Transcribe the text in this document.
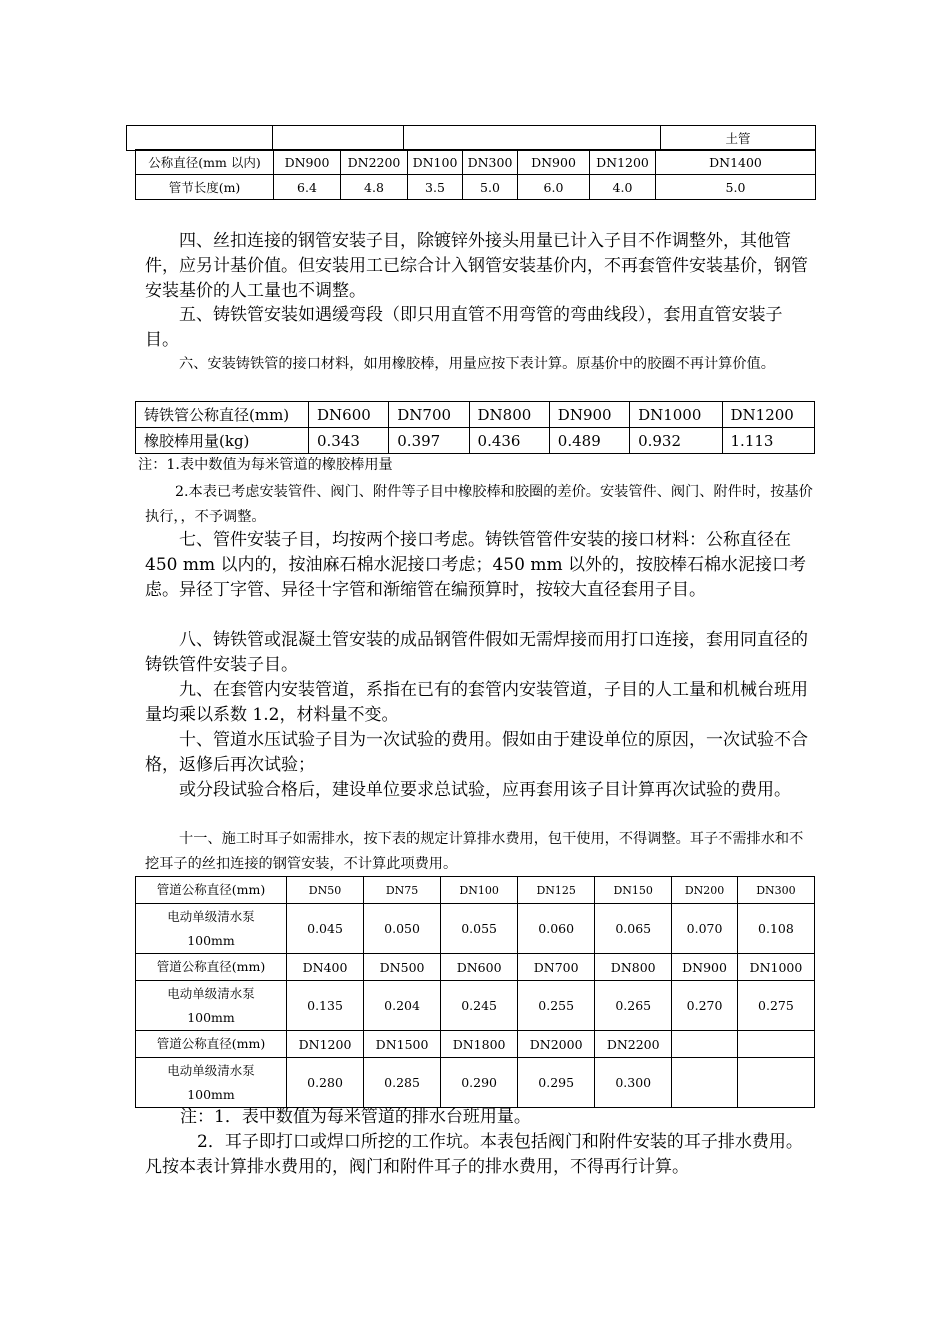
			土管
公称直径(mm 以内)	DN900	DN2200	DN100	DN300	DN900	DN1200	DN1400
管节长度(m)	6.4	4.8	3.5	5.0	6.0	4.0	5.0

四、丝扣连接的钢管安装子目，除镀锌外接头用量已计入子目不作调整外，其他管件，应另计基价值。但安装用工已综合计入钢管安装基价内，不再套管件安装基价，钢管安装基价的人工量也不调整。

五、铸铁管安装如遇缓弯段（即只用直管不用弯管的弯曲线段），套用直管安装子目。

六、安装铸铁管的接口材料，如用橡胶棒，用量应按下表计算。原基价中的胶圈不再计算价值。

铸铁管公称直径(mm)	DN600	DN700	DN800	DN900	DN1000	DN1200
橡胶棒用量(kg)	0.343	0.397	0.436	0.489	0.932	1.113

注：1.表中数值为每米管道的橡胶棒用量

2.本表已考虑安装管件、阀门、附件等子目中橡胶棒和胶圈的差价。安装管件、阀门、附件时，按基价执行，，不予调整。

七、管件安装子目，均按两个接口考虑。铸铁管管件安装的接口材料：公称直径在 450 mm 以内的，按油麻石棉水泥接口考虑；450 mm 以外的，按胶棒石棉水泥接口考虑。异径丁字管、异径十字管和渐缩管在编预算时，按较大直径套用子目。

八、铸铁管或混凝土管安装的成品钢管件假如无需焊接而用打口连接，套用同直径的铸铁管件安装子目。

九、在套管内安装管道，系指在已有的套管内安装管道，子目的人工量和机械台班用量均乘以系数 1.2，材料量不变。

十、管道水压试验子目为一次试验的费用。假如由于建设单位的原因，一次试验不合格，返修后再次试验；

或分段试验合格后，建设单位要求总试验，应再套用该子目计算再次试验的费用。

十一、施工时耳子如需排水，按下表的规定计算排水费用，包干使用，不得调整。耳子不需排水和不挖耳子的丝扣连接的钢管安装，不计算此项费用。

管道公称直径(mm)	DN50	DN75	DN100	DN125	DN150	DN200	DN300
电动单级清水泵100mm	0.045	0.050	0.055	0.060	0.065	0.070	0.108
管道公称直径(mm)	DN400	DN500	DN600	DN700	DN800	DN900	DN1000
电动单级清水泵100mm	0.135	0.204	0.245	0.255	0.265	0.270	0.275
管道公称直径(mm)	DN1200	DN1500	DN1800	DN2000	DN2200		
电动单级清水泵100mm	0.280	0.285	0.290	0.295	0.300		

注：1．表中数值为每米管道的排水台班用量。

2．耳子即打口或焊口所挖的工作坑。本表包括阀门和附件安装的耳子排水费用。凡按本表计算排水费用的，阀门和附件耳子的排水费用，不得再行计算。
